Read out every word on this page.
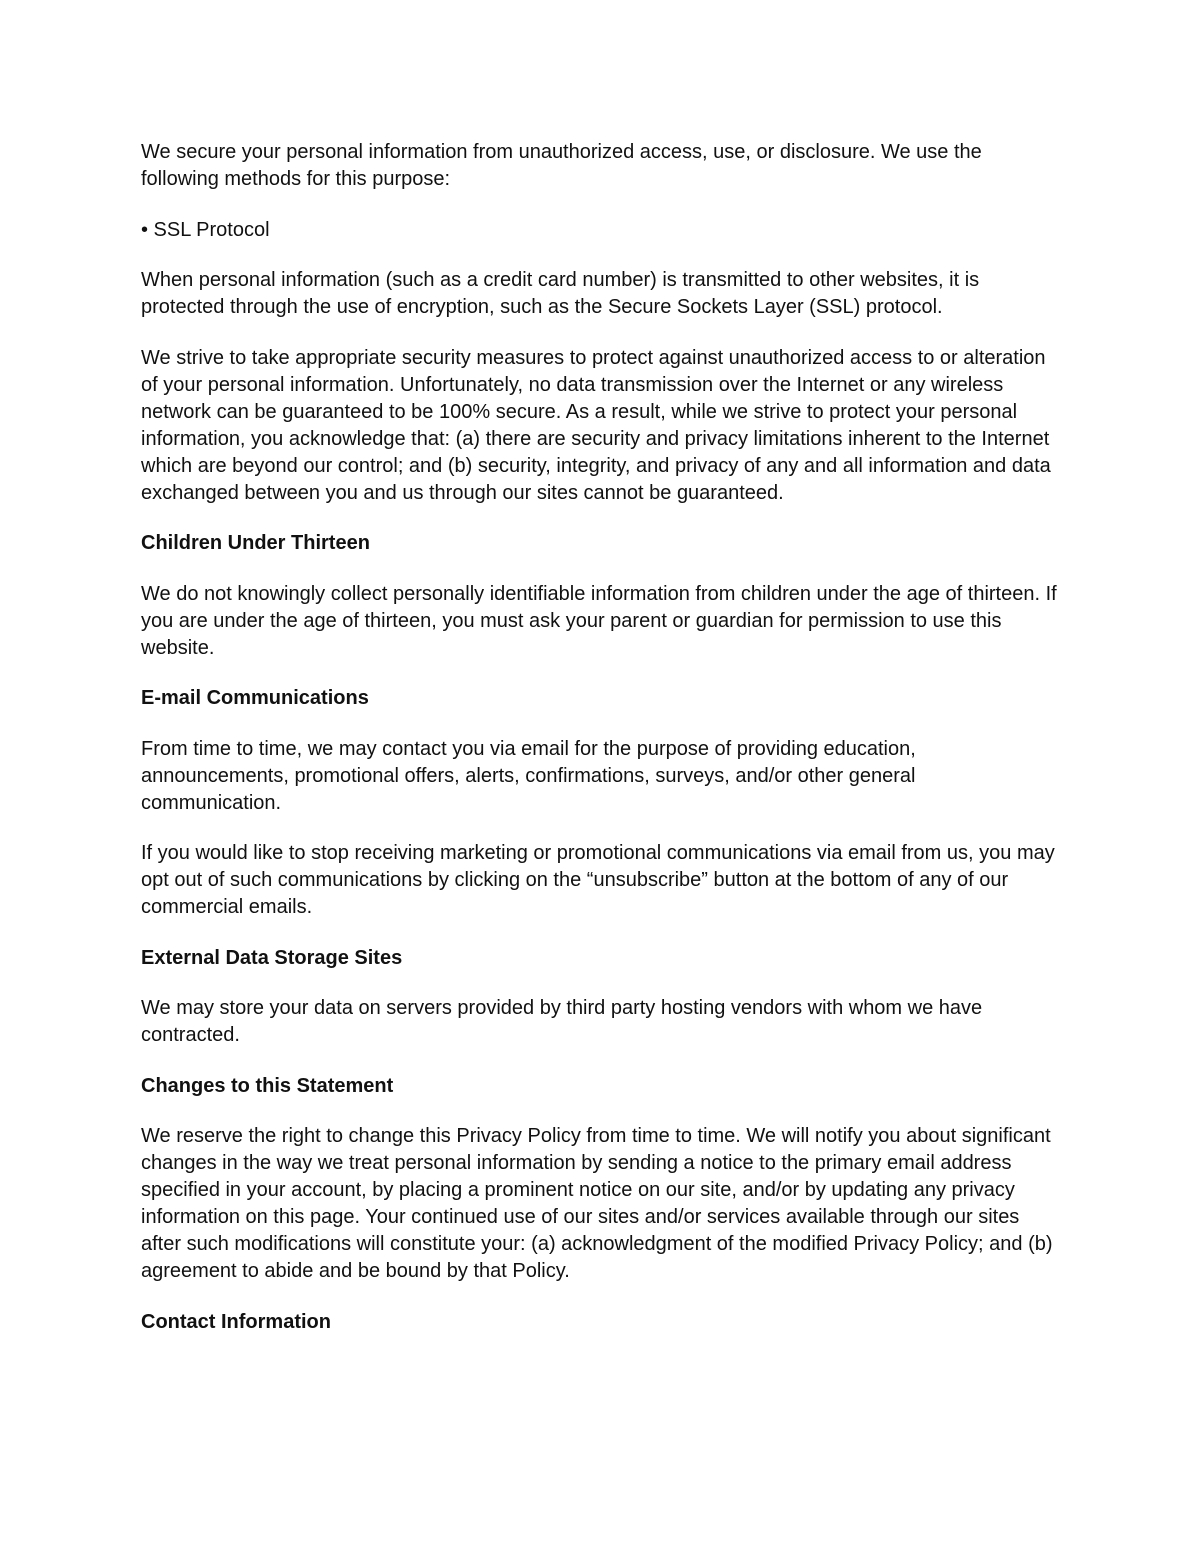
We secure your personal information from unauthorized access, use, or disclosure. We use the following methods for this purpose:

• SSL Protocol

When personal information (such as a credit card number) is transmitted to other websites, it is protected through the use of encryption, such as the Secure Sockets Layer (SSL) protocol.

We strive to take appropriate security measures to protect against unauthorized access to or alteration of your personal information. Unfortunately, no data transmission over the Internet or any wireless network can be guaranteed to be 100% secure. As a result, while we strive to protect your personal information, you acknowledge that: (a) there are security and privacy limitations inherent to the Internet which are beyond our control; and (b) security, integrity, and privacy of any and all information and data exchanged between you and us through our sites cannot be guaranteed.

Children Under Thirteen

We do not knowingly collect personally identifiable information from children under the age of thirteen. If you are under the age of thirteen, you must ask your parent or guardian for permission to use this website.

E-mail Communications

From time to time, we may contact you via email for the purpose of providing education, announcements, promotional offers, alerts, confirmations, surveys, and/or other general communication.

If you would like to stop receiving marketing or promotional communications via email from us, you may opt out of such communications by clicking on the “unsubscribe” button at the bottom of any of our commercial emails.

External Data Storage Sites

We may store your data on servers provided by third party hosting vendors with whom we have contracted.

Changes to this Statement

We reserve the right to change this Privacy Policy from time to time. We will notify you about significant changes in the way we treat personal information by sending a notice to the primary email address specified in your account, by placing a prominent notice on our site, and/or by updating any privacy information on this page. Your continued use of our sites and/or services available through our sites after such modifications will constitute your: (a) acknowledgment of the modified Privacy Policy; and (b) agreement to abide and be bound by that Policy.

Contact Information
